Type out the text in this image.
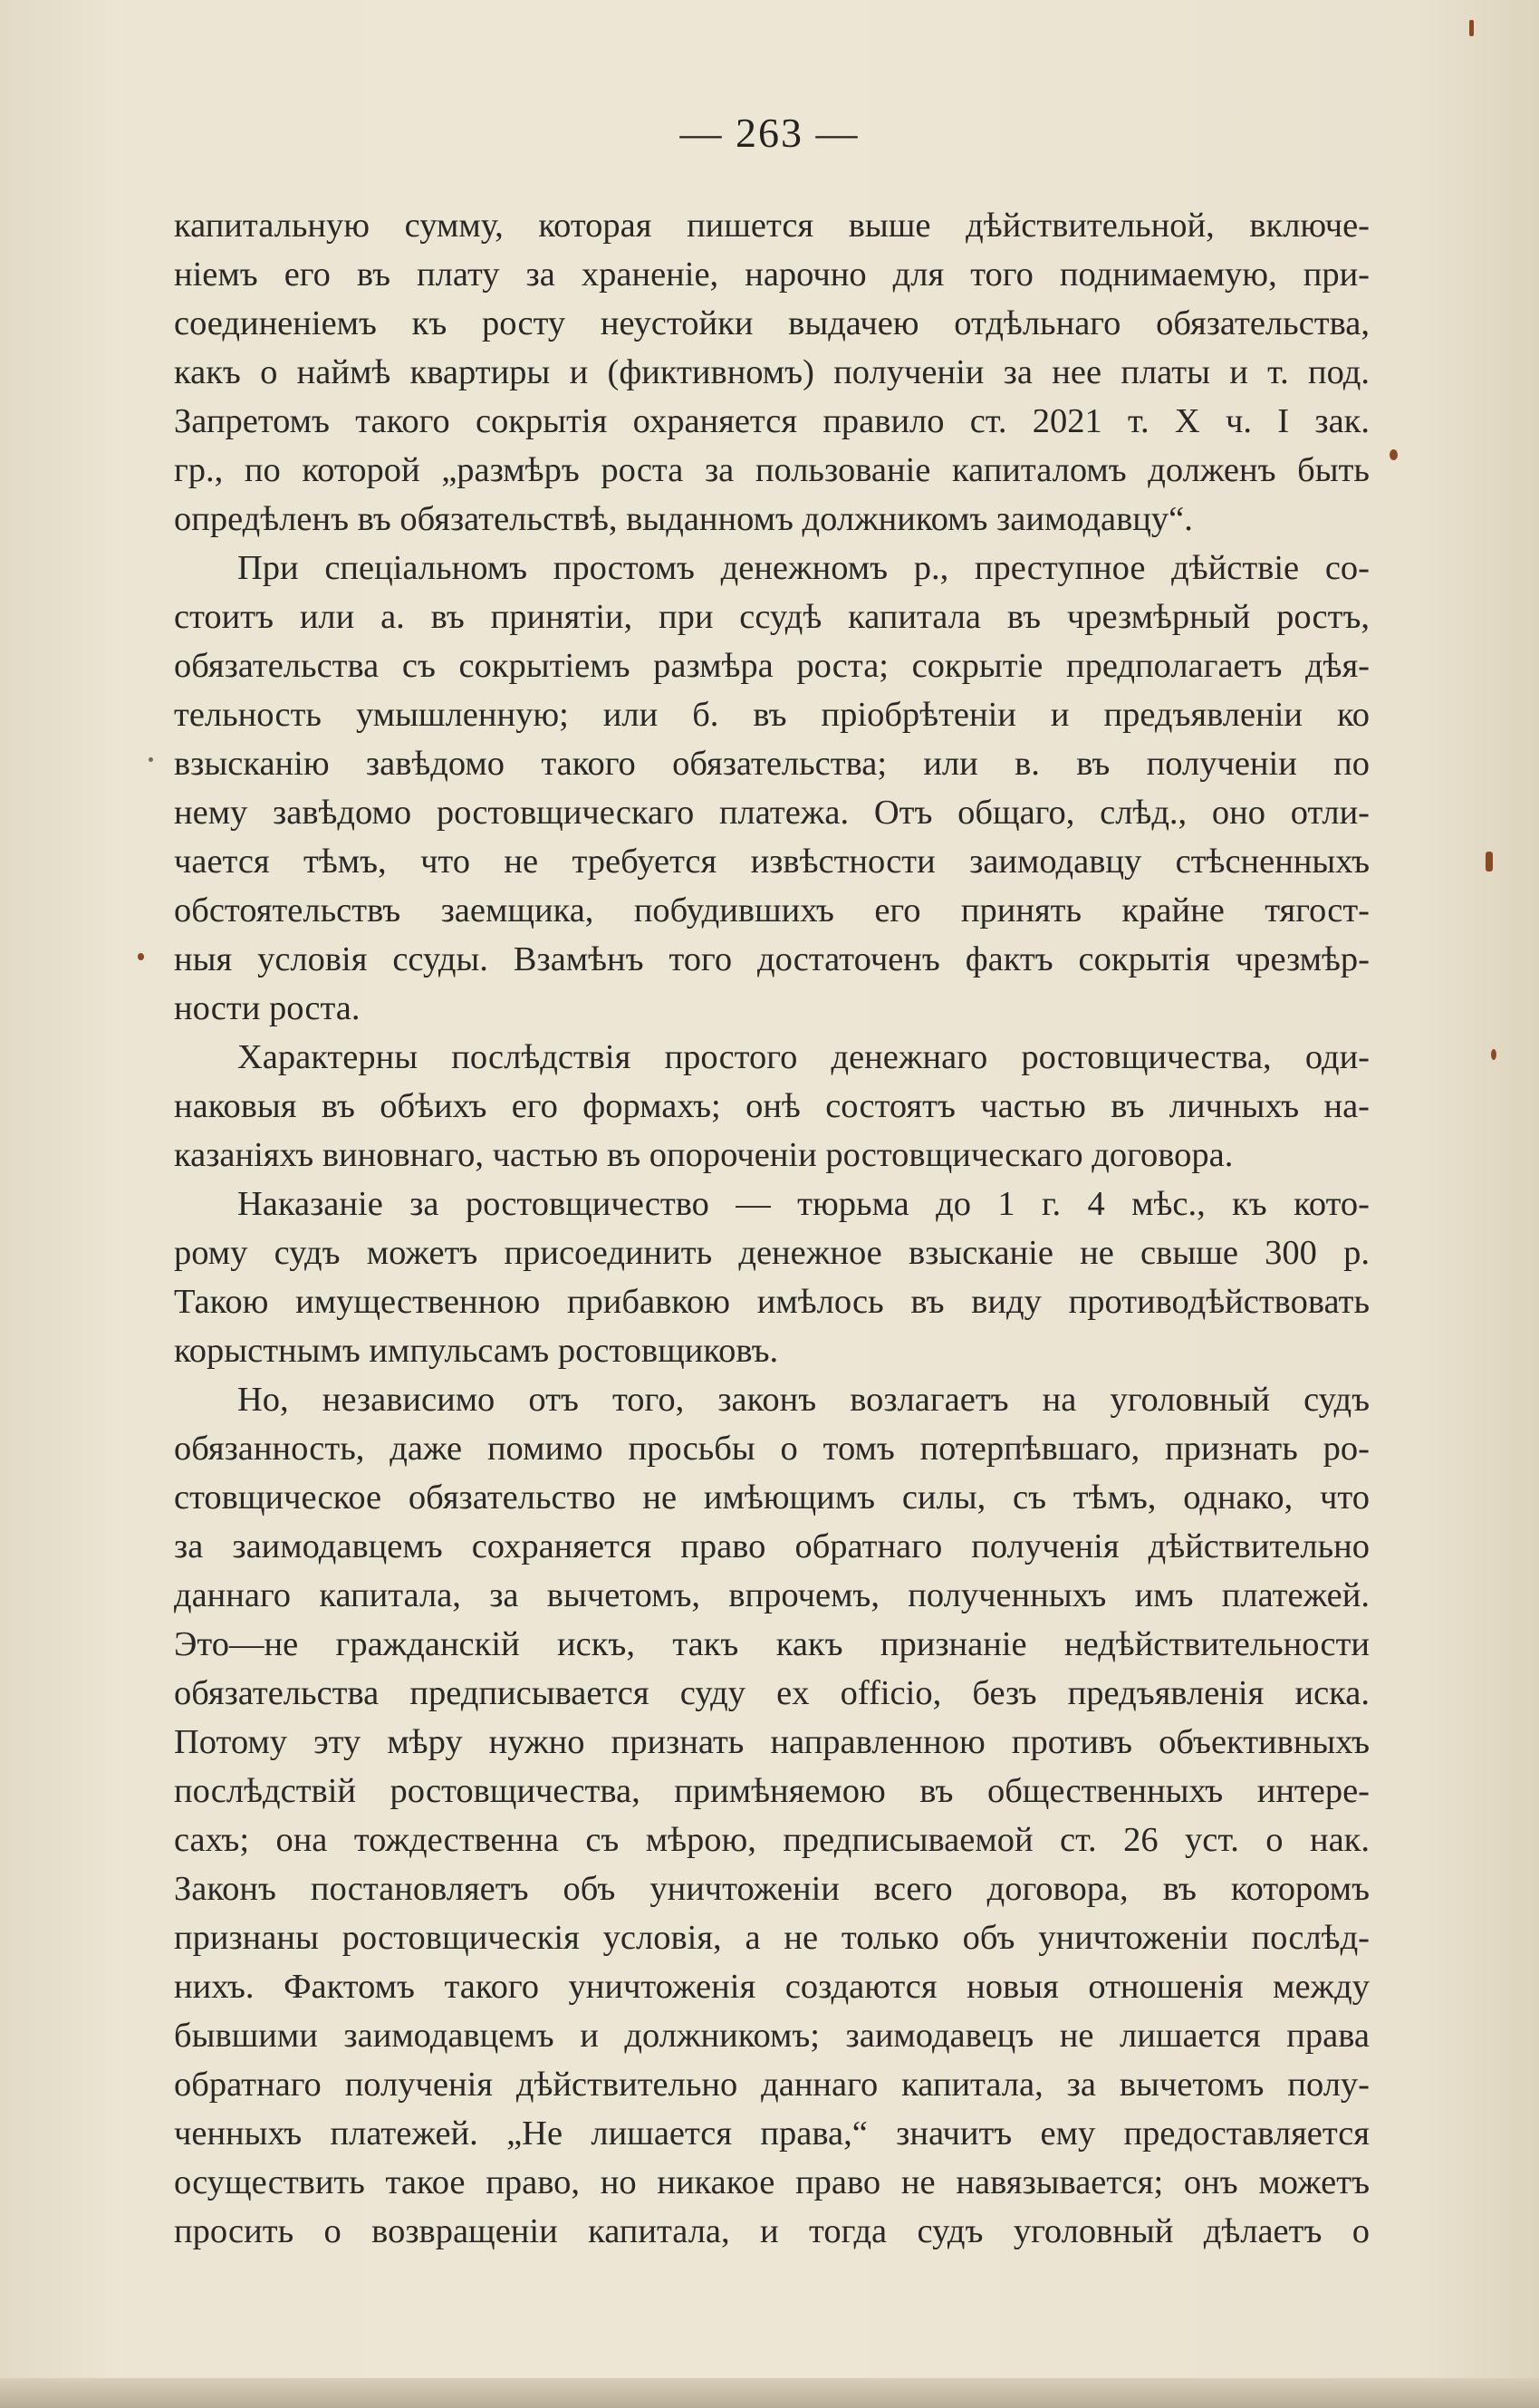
— 263 —
капитальную сумму, которая пишется выше дѣйствительной, включе-
ніемъ его въ плату за храненіе, нарочно для того поднимаемую, при-
соединеніемъ къ росту неустойки выдачею отдѣльнаго обязательства,
какъ о наймѣ квартиры и (фиктивномъ) полученіи за нее платы и т. под.
Запретомъ такого сокрытія охраняется правило ст. 2021 т. X ч. I зак.
гр., по которой „размѣръ роста за пользованіе капиталомъ долженъ быть
опредѣленъ въ обязательствѣ, выданномъ должникомъ заимодавцу“.
При спеціальномъ простомъ денежномъ р., преступное дѣйствіе со-
стоитъ или а. въ принятіи, при ссудѣ капитала въ чрезмѣрный ростъ,
обязательства съ сокрытіемъ размѣра роста; сокрытіе предполагаетъ дѣя-
тельность умышленную; или б. въ пріобрѣтеніи и предъявленіи ко
взысканію завѣдомо такого обязательства; или в. въ полученіи по
нему завѣдомо ростовщическаго платежа. Отъ общаго, слѣд., оно отли-
чается тѣмъ, что не требуется извѣстности заимодавцу стѣсненныхъ
обстоятельствъ заемщика, побудившихъ его принять крайне тягост-
ныя условія ссуды. Взамѣнъ того достаточенъ фактъ сокрытія чрезмѣр-
ности роста.
Характерны послѣдствія простого денежнаго ростовщичества, оди-
наковыя въ обѣихъ его формахъ; онѣ состоятъ частью въ личныхъ на-
казаніяхъ виновнаго, частью въ опороченіи ростовщическаго договора.
Наказаніе за ростовщичество — тюрьма до 1 г. 4 мѣс., къ кото-
рому судъ можетъ присоединить денежное взысканіе не свыше 300 р.
Такою имущественною прибавкою имѣлось въ виду противодѣйствовать
корыстнымъ импульсамъ ростовщиковъ.
Но, независимо отъ того, законъ возлагаетъ на уголовный судъ
обязанность, даже помимо просьбы о томъ потерпѣвшаго, признать ро-
стовщическое обязательство не имѣющимъ силы, съ тѣмъ, однако, что
за заимодавцемъ сохраняется право обратнаго полученія дѣйствительно
даннаго капитала, за вычетомъ, впрочемъ, полученныхъ имъ платежей.
Это—не гражданскій искъ, такъ какъ признаніе недѣйствительности
обязательства предписывается суду ex officio, безъ предъявленія иска.
Потому эту мѣру нужно признать направленною противъ объективныхъ
послѣдствій ростовщичества, примѣняемою въ общественныхъ интере-
сахъ; она тождественна съ мѣрою, предписываемой ст. 26 уст. о нак.
Законъ постановляетъ объ уничтоженіи всего договора, въ которомъ
признаны ростовщическія условія, а не только объ уничтоженіи послѣд-
нихъ. Фактомъ такого уничтоженія создаются новыя отношенія между
бывшими заимодавцемъ и должникомъ; заимодавецъ не лишается права
обратнаго полученія дѣйствительно даннаго капитала, за вычетомъ полу-
ченныхъ платежей. „Не лишается права,“ значитъ ему предоставляется
осуществить такое право, но никакое право не навязывается; онъ можетъ
просить о возвращеніи капитала, и тогда судъ уголовный дѣлаетъ о
